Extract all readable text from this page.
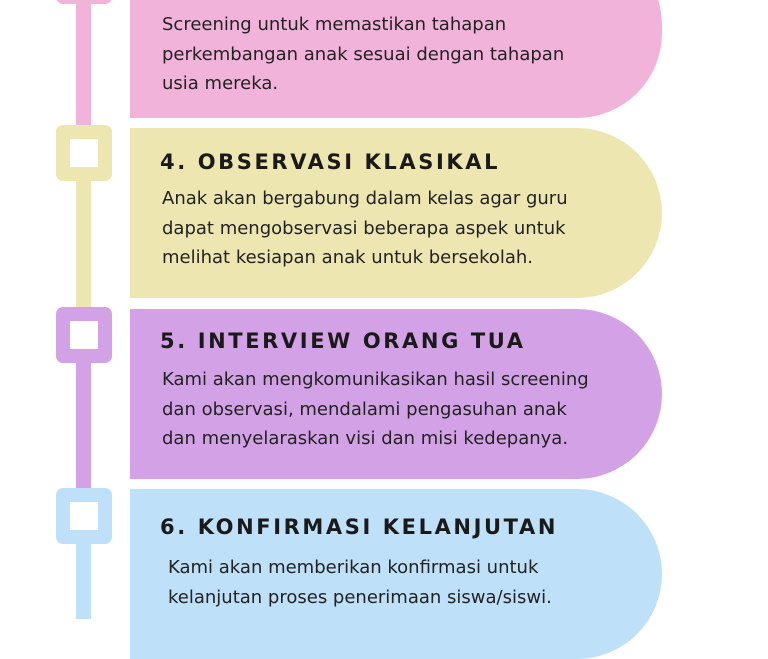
Screening untuk memastikan tahapan
perkembangan anak sesuai dengan tahapan
usia mereka.
4. OBSERVASI KLASIKAL
Anak akan bergabung dalam kelas agar guru
dapat mengobservasi beberapa aspek untuk
melihat kesiapan anak untuk bersekolah.
5. INTERVIEW ORANG TUA
Kami akan mengkomunikasikan hasil screening
dan observasi, mendalami pengasuhan anak
dan menyelaraskan visi dan misi kedepanya.
6. KONFIRMASI KELANJUTAN
Kami akan memberikan konfirmasi untuk
kelanjutan proses penerimaan siswa/siswi.
